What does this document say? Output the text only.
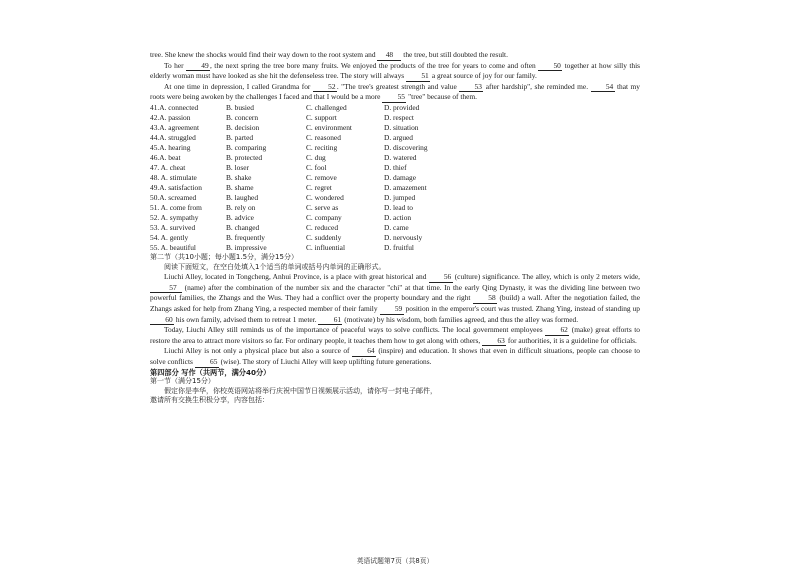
tree. She knew the shocks would find their way down to the root system and 48 the tree, but still doubted the result.

To her 49, the next spring the tree bore many fruits. We enjoyed the products of the tree for years to come and often 50 together at how silly this elderly woman must have looked as she hit the defenseless tree. The story will always 51 a great source of joy for our family.

At one time in depression, I called Grandma for 52. "The tree's greatest strength and value 53 after hardship", she reminded me. 54 that my roots were being awoken by the challenges I faced and that I would be a more 55 "tree" because of them.

41.A. connected	B. busied	C. challenged	D. provided
42.A. passion	B. concern	C. support	D. respect
43.A. agreement	B. decision	C. environment	D. situation
44.A. struggled	B. parted	C. reasoned	D. argued
45.A. hearing	B. comparing	C. reciting	D. discovering
46.A. beat	B. protected	C. dug	D. watered
47. A. cheat	B. loser	C. fool	D. thief
48. A. stimulate	B. shake	C. remove	D. damage
49.A. satisfaction	B. shame	C. regret	D. amazement
50.A. screamed	B. laughed	C. wondered	D. jumped
51. A. come from	B. rely on	C. serve as	D. lead to
52. A. sympathy	B. advice	C. company	D. action
53. A. survived	B. changed	C. reduced	D. came
54. A. gently	B. frequently	C. suddenly	D. nervously
55. A. beautiful	B. impressive	C. influential	D. fruitful

第二节（共10小题；每小题1.5分，满分15分）

阅读下面短文，在空白处填入1个适当的单词或括号内单词的正确形式。

Liuchi Alley, located in Tongcheng, Anhui Province, is a place with great historical and 56 (culture) significance. The alley, which is only 2 meters wide, 57 (name) after the combination of the number six and the character "chi" at that time. In the early Qing Dynasty, it was the dividing line between two powerful families, the Zhangs and the Wus. They had a conflict over the property boundary and the right 58 (build) a wall. After the negotiation failed, the Zhangs asked for help from Zhang Ying, a respected member of their family 59 position in the emperor's court was trusted. Zhang Ying, instead of standing up 60 his own family, advised them to retreat 1 meter. 61 (motivate) by his wisdom, both families agreed, and thus the alley was formed.

Today, Liuchi Alley still reminds us of the importance of peaceful ways to solve conflicts. The local government employees 62 (make) great efforts to restore the area to attract more visitors so far. For ordinary people, it teaches them how to get along with others, 63 for authorities, it is a guideline for officials.

Liuchi Alley is not only a physical place but also a source of 64 (inspire) and education. It shows that even in difficult situations, people can choose to solve conflicts 65 (wise). The story of Liuchi Alley will keep uplifting future generations.

第四部分 写作（共两节，满分40分）

第一节（满分15分）

假定你是李华，你校英语网站将举行庆祝中国节日视频展示活动，请你写一封电子邮件，

邀请所有交换生积极分享，内容包括：

英语试题第7页（共8页）
